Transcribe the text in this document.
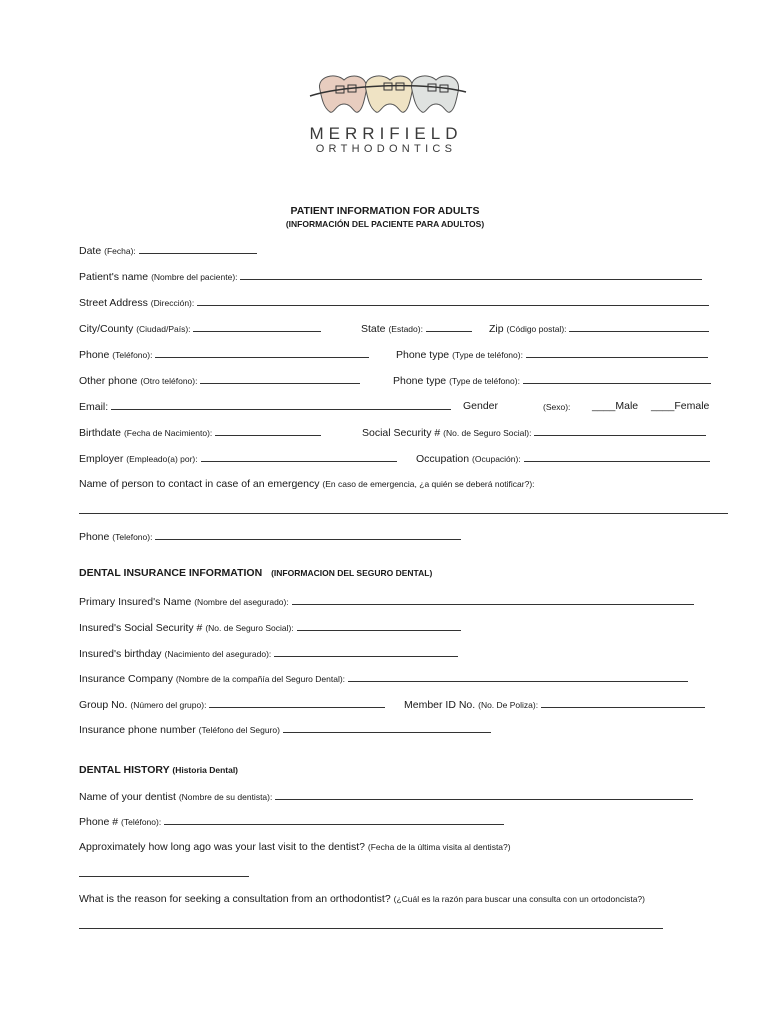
MERRIFIELD
ORTHODONTICS
PATIENT INFORMATION FOR ADULTS
(INFORMACIÓN DEL PACIENTE PARA ADULTOS)
Date (Fecha):
Patient's name (Nombre del paciente):
Street Address (Dirección):
City/County (Ciudad/País):	State (Estado):	Zip (Código postal):
Phone (Teléfono):	Phone type (Type de teléfono):
Other phone (Otro teléfono):	Phone type (Type de teléfono):
Email:	Gender	(Sexo): ____Male ____Female
Birthdate (Fecha de Nacimiento):	Social Security # (No. de Seguro Social):
Employer (Empleado(a) por):	Occupation (Ocupación):
Name of person to contact in case of an emergency (En caso de emergencia, ¿a quién se deberá notificar?):
Phone (Telefono):
DENTAL INSURANCE INFORMATION (INFORMACION DEL SEGURO DENTAL)
Primary Insured's Name (Nombre del asegurado):
Insured's Social Security # (No. de Seguro Social):
Insured's birthday (Nacimiento del asegurado):
Insurance Company (Nombre de la compañía del Seguro Dental):
Group No. (Número del grupo):	Member ID No. (No. De Poliza):
Insurance phone number (Teléfono del Seguro)
DENTAL HISTORY (Historia Dental)
Name of your dentist (Nombre de su dentista):
Phone # (Teléfono):
Approximately how long ago was your last visit to the dentist? (Fecha de la última visita al dentista?)
What is the reason for seeking a consultation from an orthodontist? (¿Cuál es la razón para buscar una consulta con un ortodoncista?)
